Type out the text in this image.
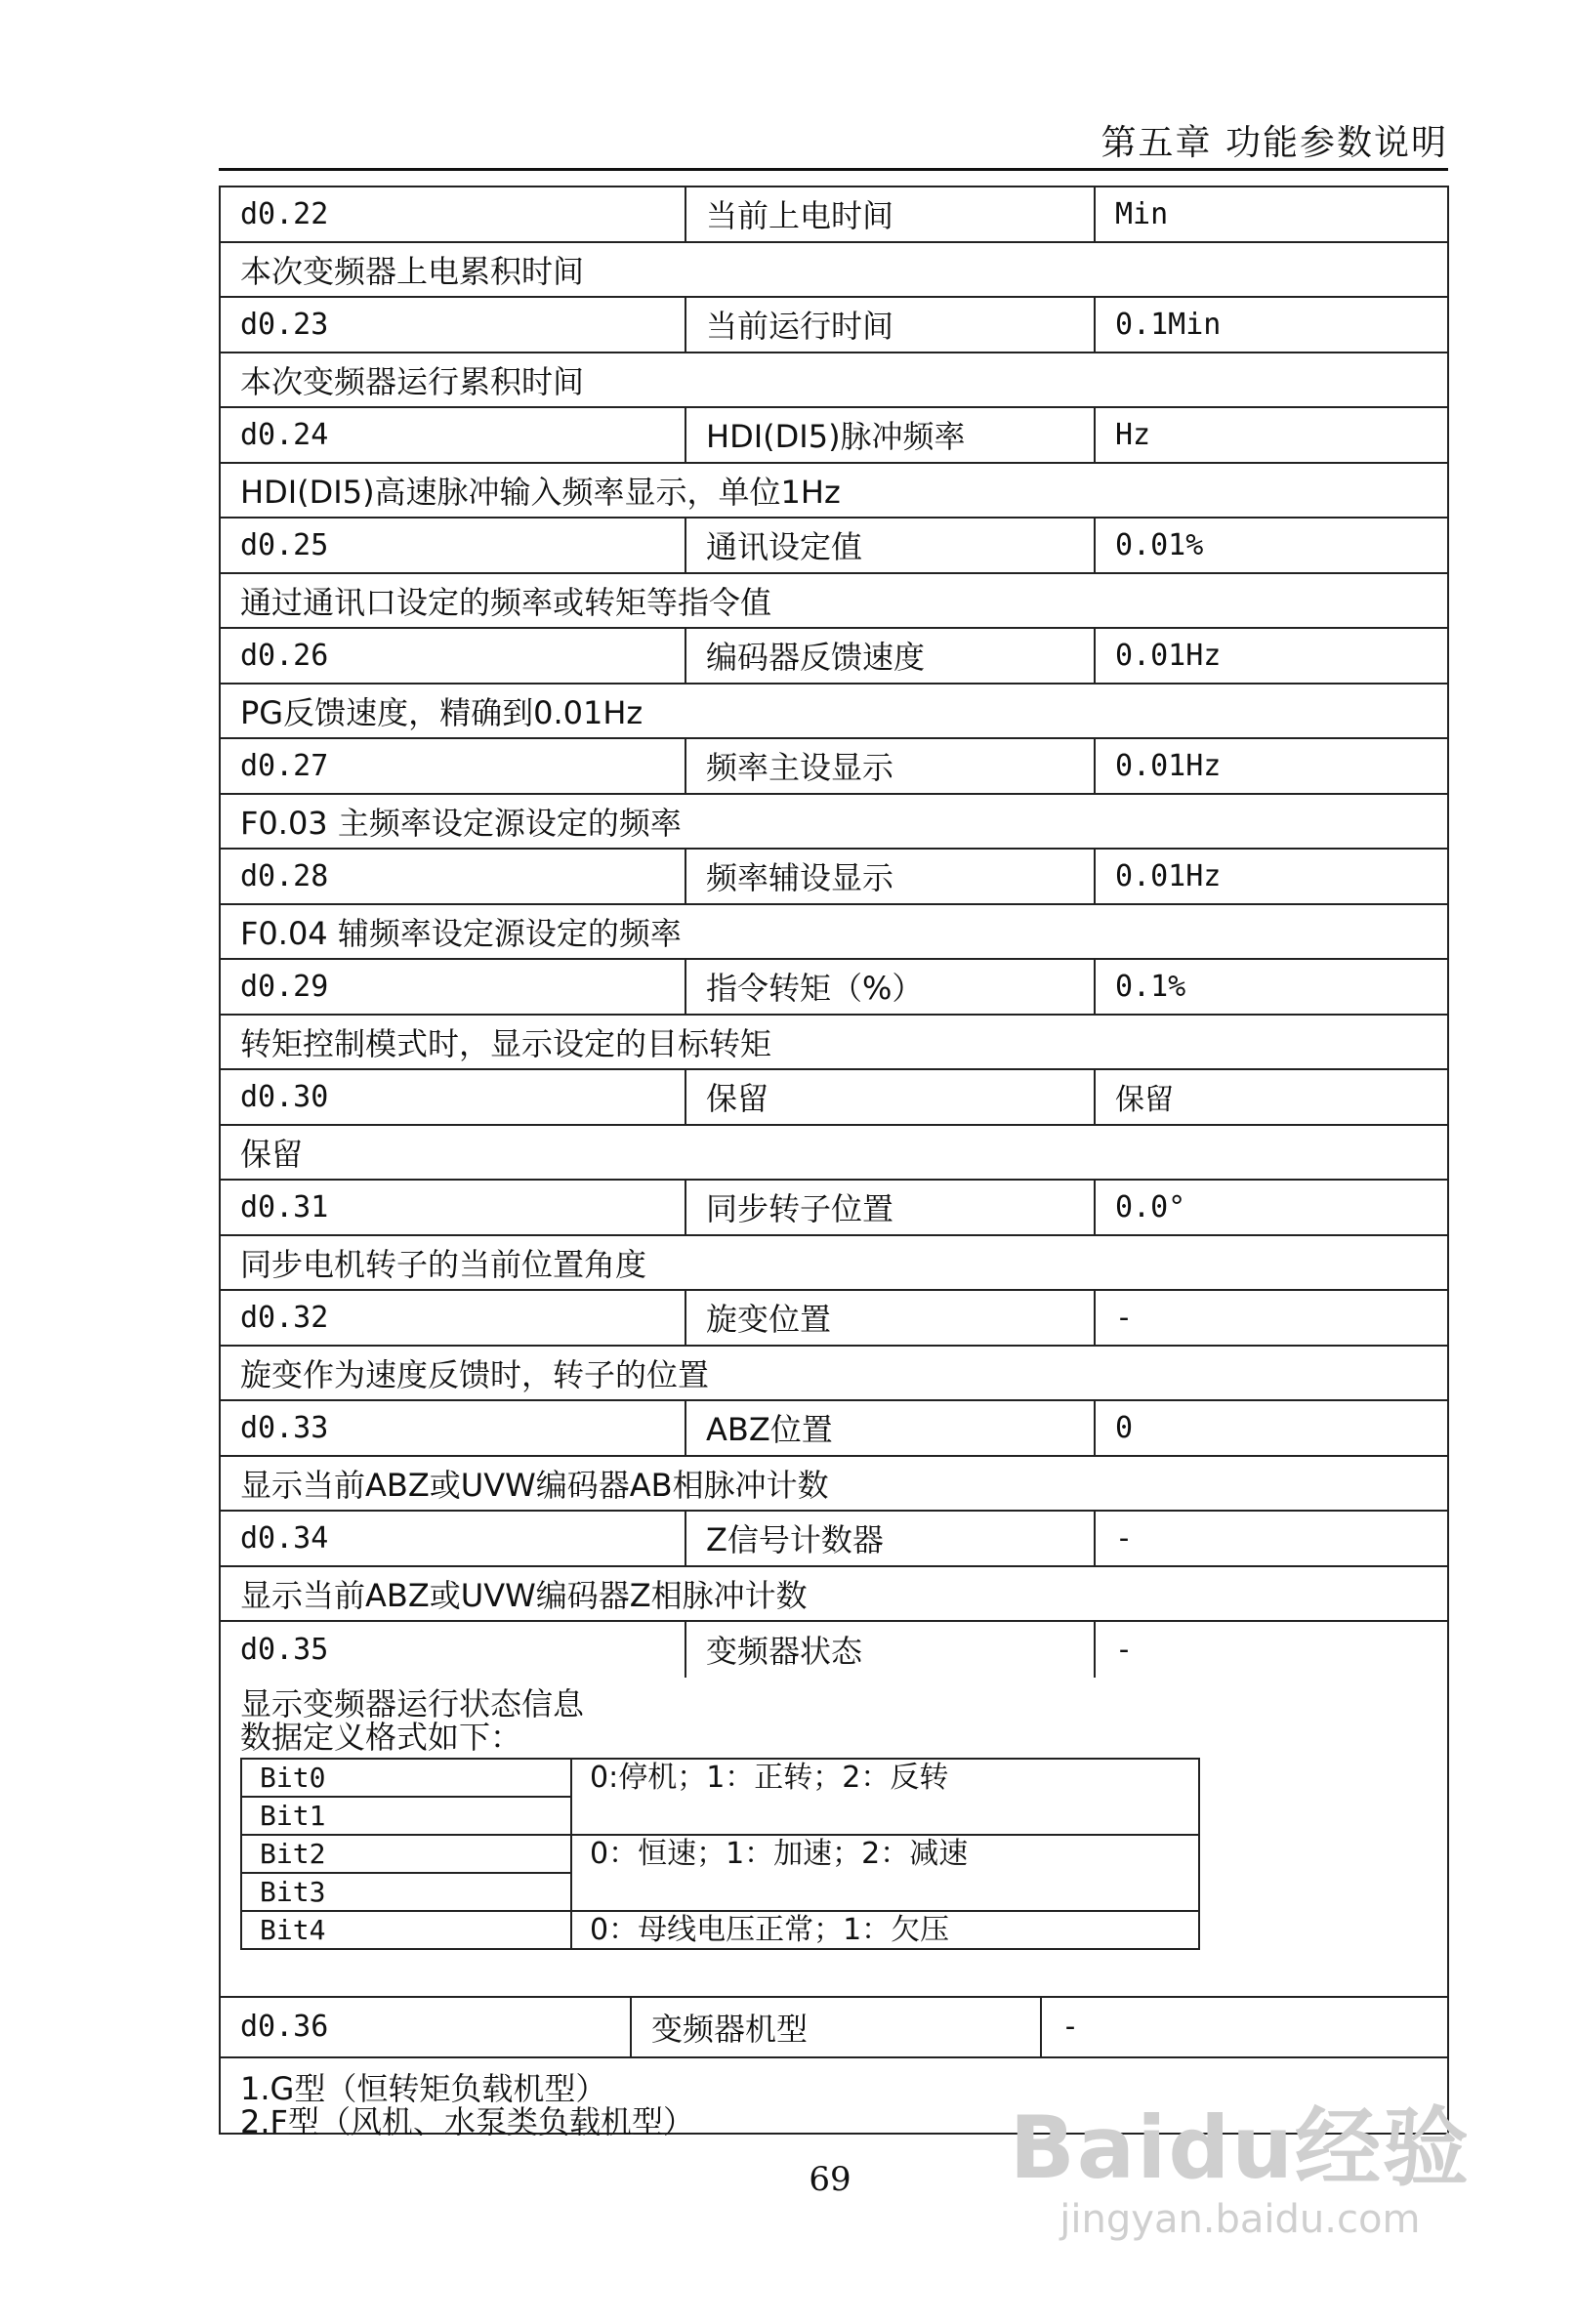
第五章 功能参数说明
d0.22	当前上电时间	Min
本次变频器上电累积时间
d0.23	当前运行时间	0.1Min
本次变频器运行累积时间
d0.24	HDI(DI5)脉冲频率	Hz
HDI(DI5)高速脉冲输入频率显示，单位1Hz
d0.25	通讯设定值	0.01%
通过通讯口设定的频率或转矩等指令值
d0.26	编码器反馈速度	0.01Hz
PG反馈速度，精确到0.01Hz
d0.27	频率主设显示	0.01Hz
F0.03 主频率设定源设定的频率
d0.28	频率辅设显示	0.01Hz
F0.04 辅频率设定源设定的频率
d0.29	指令转矩（%）	0.1%
转矩控制模式时，显示设定的目标转矩
d0.30	保留	保留
保留
d0.31	同步转子位置	0.0°
同步电机转子的当前位置角度
d0.32	旋变位置	-
旋变作为速度反馈时，转子的位置
d0.33	ABZ位置	0
显示当前ABZ或UVW编码器AB相脉冲计数
d0.34	Z信号计数器	-
显示当前ABZ或UVW编码器Z相脉冲计数
d0.35	变频器状态	-
显示变频器运行状态信息
数据定义格式如下：
Bit0	0:停机；1：正转；2：反转
Bit1	
Bit2	0：恒速；1：加速；2：减速
Bit3	
Bit4	0：母线电压正常；1：欠压
d0.36	变频器机型	-
1.G型（恒转矩负载机型）
2.F型（风机、水泵类负载机型）
69	Baidu经验
jingyan.baidu.com
